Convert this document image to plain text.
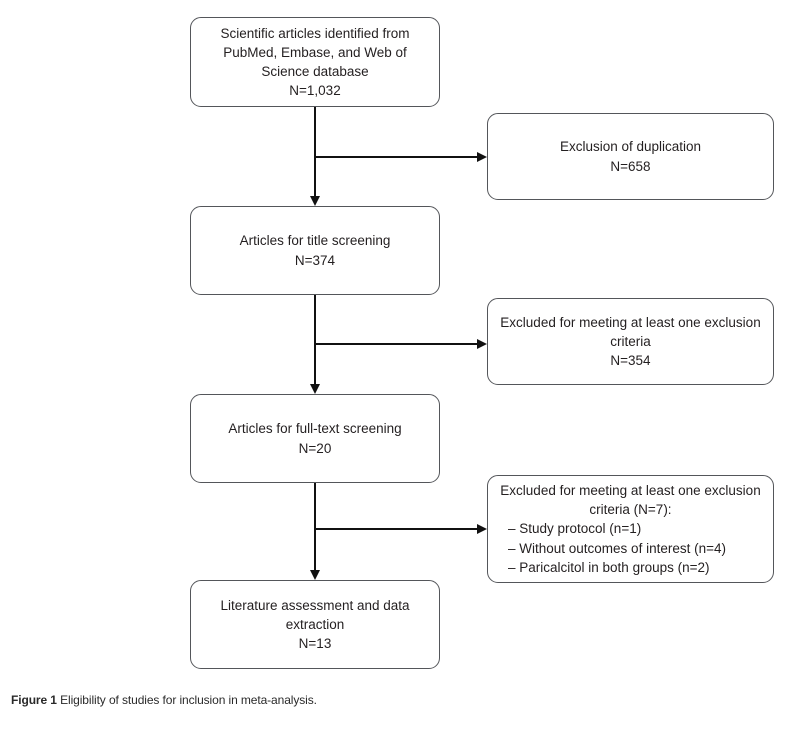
Scientific articles identified from PubMed, Embase, and Web of Science database
N=1,032
Articles for title screening
N=374
Articles for full-text screening
N=20
Literature assessment and data extraction
N=13
Exclusion of duplication
N=658
Excluded for meeting at least one exclusion criteria
N=354
Excluded for meeting at least one exclusion criteria (N=7):
– Study protocol (n=1)
– Without outcomes of interest (n=4)
– Paricalcitol in both groups (n=2)
Figure 1 Eligibility of studies for inclusion in meta-analysis.
